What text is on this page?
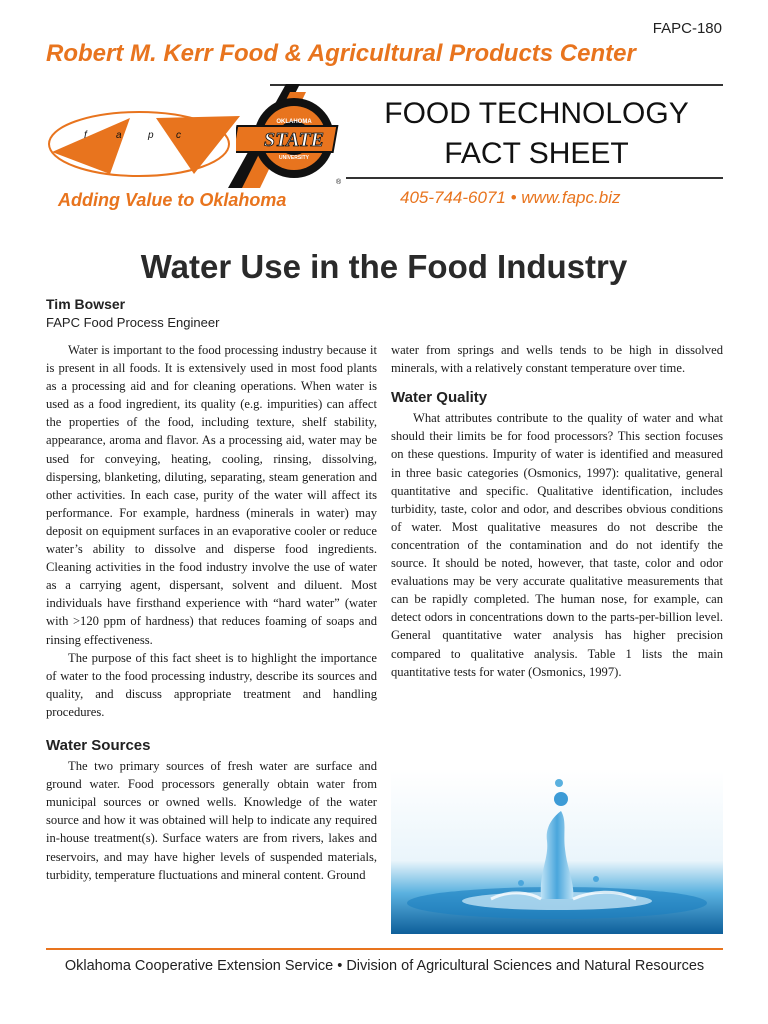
FAPC-180
Robert M. Kerr Food & Agricultural Products Center
f	a	p c	STATE
OKLAHOMA
UNIVERSITY
®
FOOD TECHNOLOGY
FACT SHEET
Adding Value to Oklahoma	405-744-6071 • www.fapc.biz
Water Use in the Food Industry
Tim Bowser
FAPC Food Process Engineer

Water is important to the food processing industry because it is present in all foods. It is extensively used in most food plants as a processing aid and for cleaning operations. When water is used as a food ingredient, its quality (e.g. impurities) can affect the properties of the food, including texture, shelf stability, appearance, aroma and flavor. As a processing aid, water may be used for conveying, heating, cooling, rinsing, dissolving, dispersing, blanketing, diluting, separating, steam generation and other activities. In each case, purity of the water will affect its performance. For example, hardness (minerals in water) may deposit on equipment surfaces in an evaporative cooler or reduce water’s ability to dissolve and disperse food ingredients. Cleaning activities in the food industry involve the use of water as a carrying agent, dispersant, solvent and diluent. Most individuals have firsthand experience with “hard water” (water with >120 ppm of hardness) that reduces foaming of soaps and rinsing effectiveness.

The purpose of this fact sheet is to highlight the importance of water to the food processing industry, describe its sources and quality, and discuss appropriate treatment and handling procedures.

Water Sources

The two primary sources of fresh water are surface and ground water. Food processors generally obtain water from municipal sources or owned wells. Knowledge of the water source and how it was obtained will help to indicate any required in-house treatment(s). Surface waters are from rivers, lakes and reservoirs, and may have higher levels of suspended materials, turbidity, temperature fluctuations and mineral content. Ground

water from springs and wells tends to be high in dissolved minerals, with a relatively constant temperature over time.

Water Quality

What attributes contribute to the quality of water and what should their limits be for food processors? This section focuses on these questions. Impurity of water is identified and measured in three basic categories (Osmonics, 1997): qualitative, general quantitative and specific. Qualitative identification, includes turbidity, taste, color and odor, and describes obvious conditions of water. Most qualitative measures do not describe the concentration of the contamination and do not identify the source. It should be noted, however, that taste, color and odor evaluations may be very accurate qualitative measurements that can be rapidly completed. The human nose, for example, can detect odors in concentrations down to the parts-per-billion level. General quantitative water analysis has higher precision compared to qualitative analysis. Table 1 lists the main quantitative tests for water (Osmonics, 1997).

Oklahoma Cooperative Extension Service • Division of Agricultural Sciences and Natural Resources
